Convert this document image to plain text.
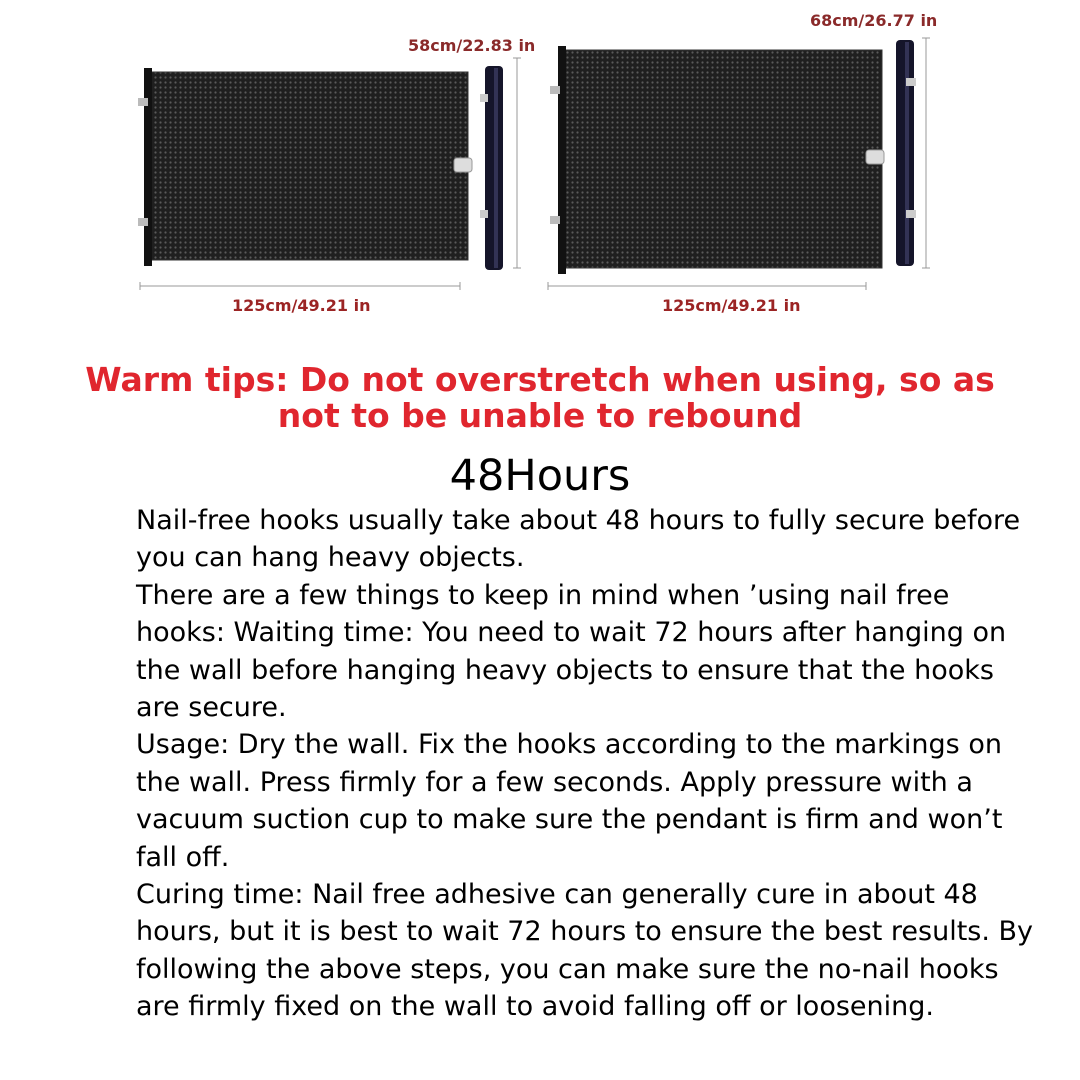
58cm/22.83 in
68cm/26.77 in
125cm/49.21 in	125cm/49.21 in
Warm tips: Do not overstretch when using, so as not to be unable to rebound
48Hours

Nail-free hooks usually take about 48 hours to fully secure before you can hang heavy objects.

There are a few things to keep in mind when ’using nail free hooks: Waiting time: You need to wait 72 hours after hanging on the wall before hanging heavy objects to ensure that the hooks are secure.

Usage: Dry the wall. Fix the hooks according to the markings on the wall. Press firmly for a few seconds. Apply pressure with a vacuum suction cup to make sure the pendant is firm and won’t fall off.

Curing time: Nail free adhesive can generally cure in about 48 hours, but it is best to wait 72 hours to ensure the best results. By following the above steps, you can make sure the no-nail hooks are firmly fixed on the wall to avoid falling off or loosening.
